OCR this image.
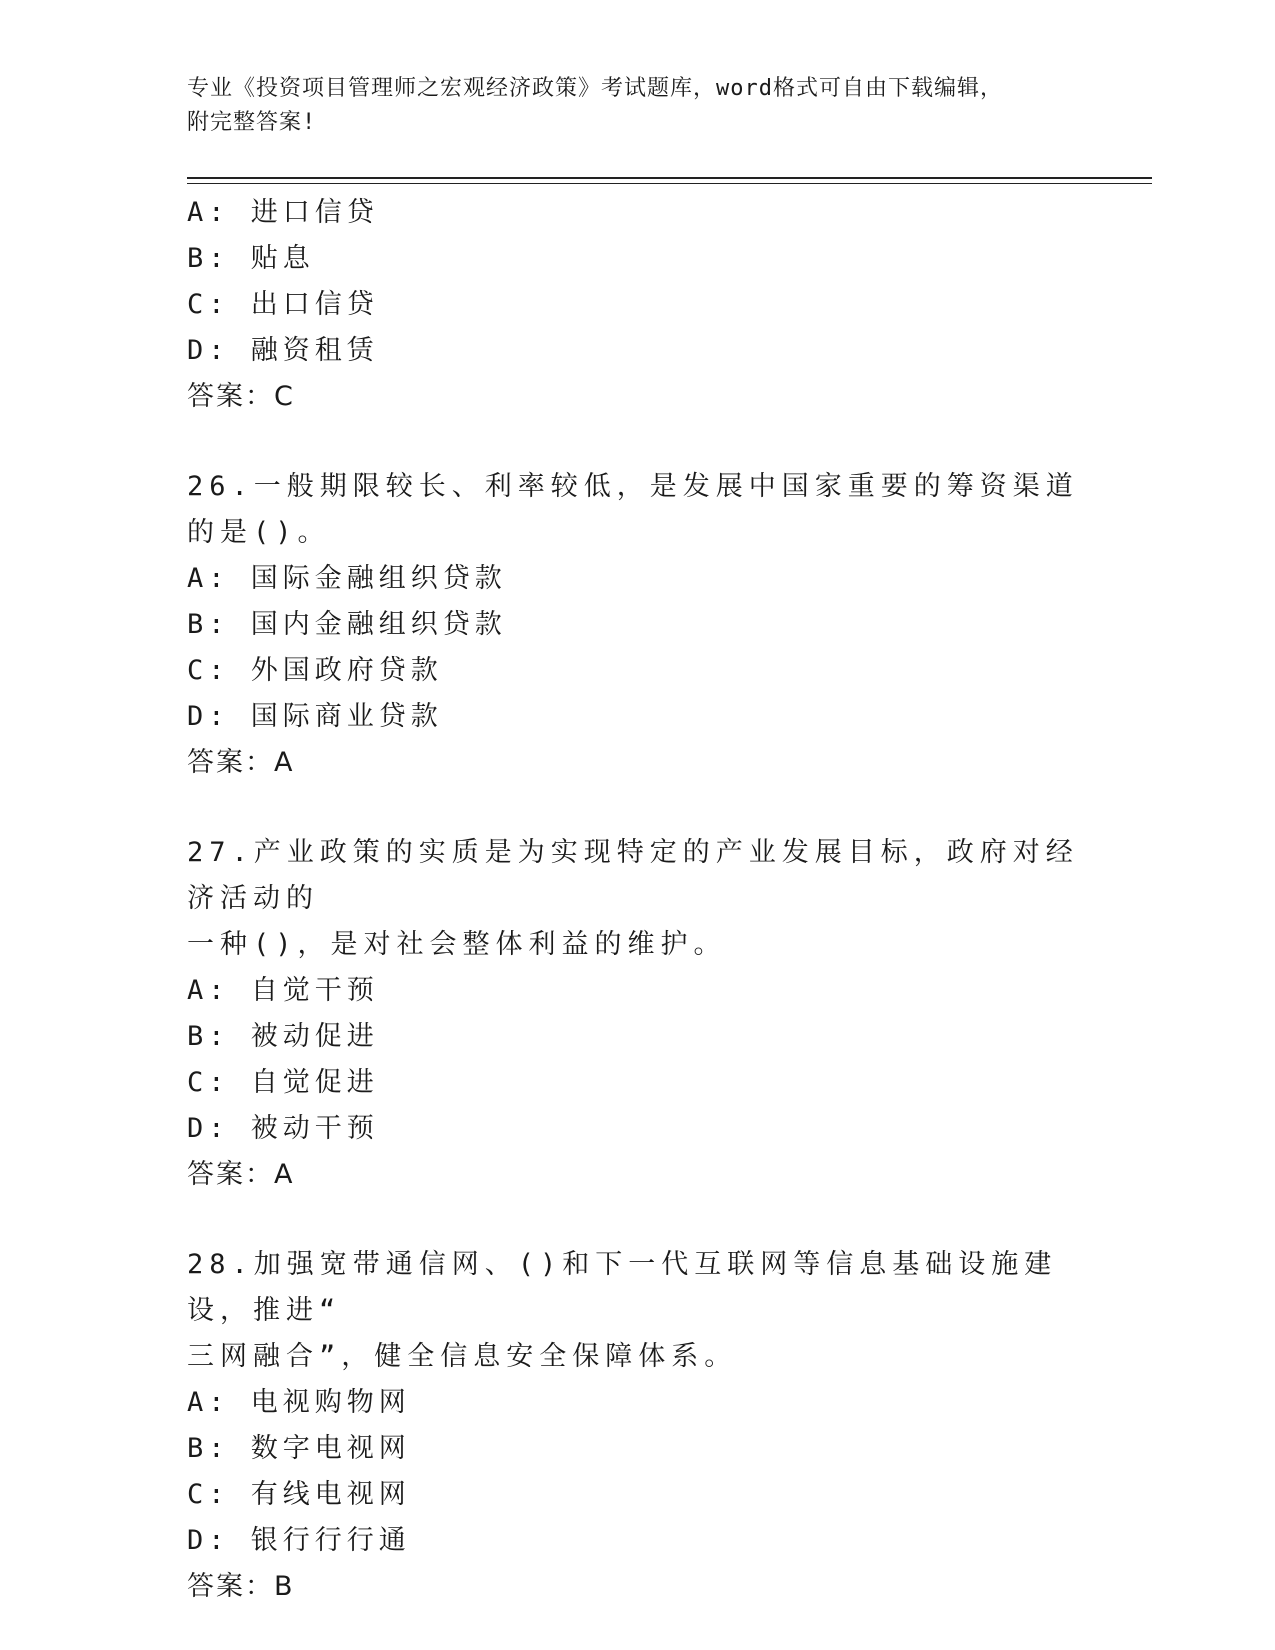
专业《投资项目管理师之宏观经济政策》考试题库，word格式可自由下载编辑，
附完整答案!
A: 进口信贷
B: 贴息
C: 出口信贷
D: 融资租赁
答案：C
26.一般期限较长、利率较低，是发展中国家重要的筹资渠道的是()。
A: 国际金融组织贷款
B: 国内金融组织贷款
C: 外国政府贷款
D: 国际商业贷款
答案：A
27.产业政策的实质是为实现特定的产业发展目标，政府对经济活动的
一种()，是对社会整体利益的维护。
A: 自觉干预
B: 被动促进
C: 自觉促进
D: 被动干预
答案：A
28.加强宽带通信网、()和下一代互联网等信息基础设施建设，推进“
三网融合”，健全信息安全保障体系。
A: 电视购物网
B: 数字电视网
C: 有线电视网
D: 银行行行通
答案：B
